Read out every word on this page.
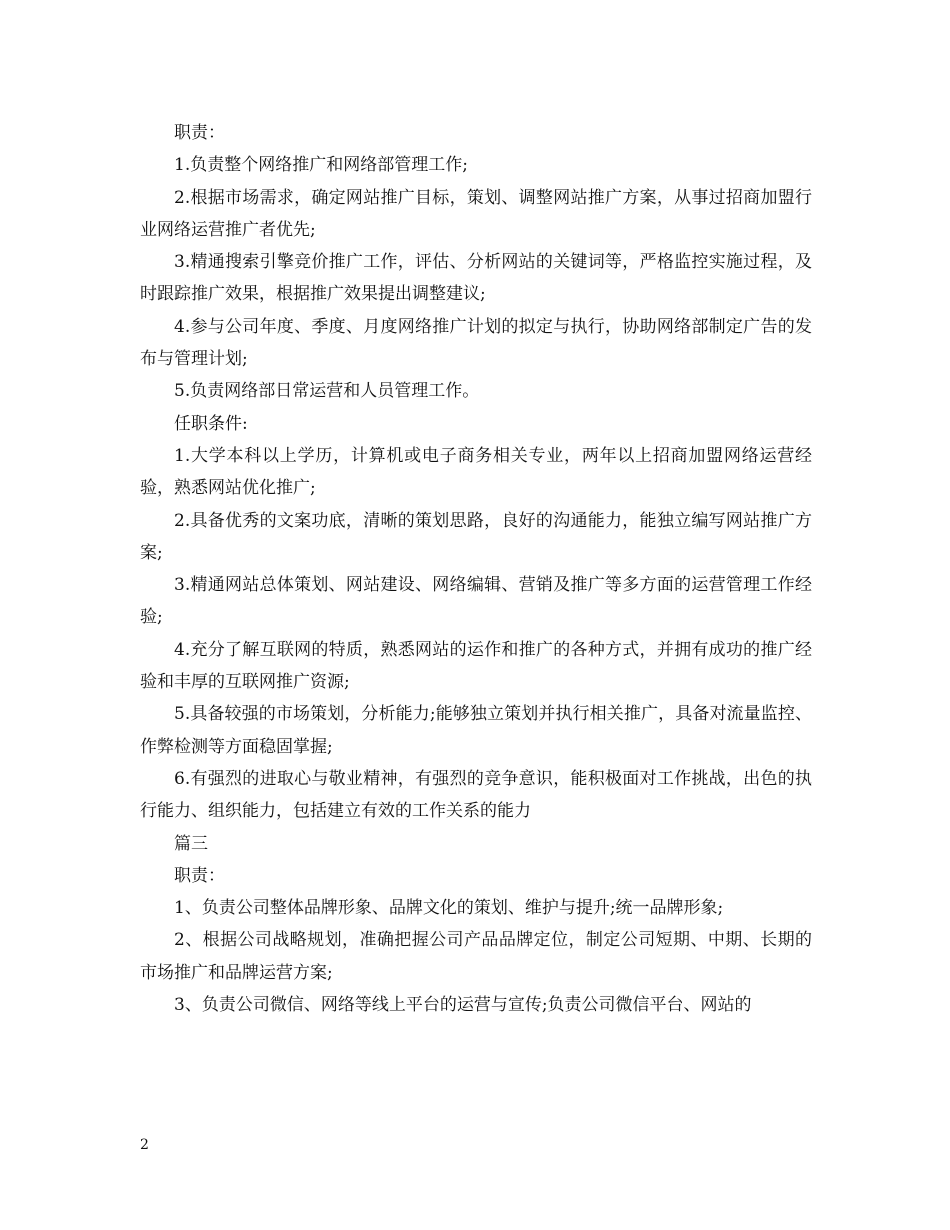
职责：

1.负责整个网络推广和网络部管理工作;

2.根据市场需求，确定网站推广目标，策划、调整网站推广方案，从事过招商加盟行业网络运营推广者优先;

3.精通搜索引擎竞价推广工作，评估、分析网站的关键词等，严格监控实施过程，及时跟踪推广效果，根据推广效果提出调整建议;

4.参与公司年度、季度、月度网络推广计划的拟定与执行，协助网络部制定广告的发布与管理计划;

5.负责网络部日常运营和人员管理工作。

任职条件:

1.大学本科以上学历，计算机或电子商务相关专业，两年以上招商加盟网络运营经验，熟悉网站优化推广;

2.具备优秀的文案功底，清晰的策划思路，良好的沟通能力，能独立编写网站推广方案;

3.精通网站总体策划、网站建设、网络编辑、营销及推广等多方面的运营管理工作经验;

4.充分了解互联网的特质，熟悉网站的运作和推广的各种方式，并拥有成功的推广经验和丰厚的互联网推广资源;

5.具备较强的市场策划，分析能力;能够独立策划并执行相关推广，具备对流量监控、作弊检测等方面稳固掌握;

6.有强烈的进取心与敬业精神，有强烈的竞争意识，能积极面对工作挑战，出色的执行能力、组织能力，包括建立有效的工作关系的能力

篇三

职责：

1、负责公司整体品牌形象、品牌文化的策划、维护与提升;统一品牌形象;

2、根据公司战略规划，准确把握公司产品品牌定位，制定公司短期、中期、长期的市场推广和品牌运营方案;

3、负责公司微信、网络等线上平台的运营与宣传;负责公司微信平台、网站的

2
